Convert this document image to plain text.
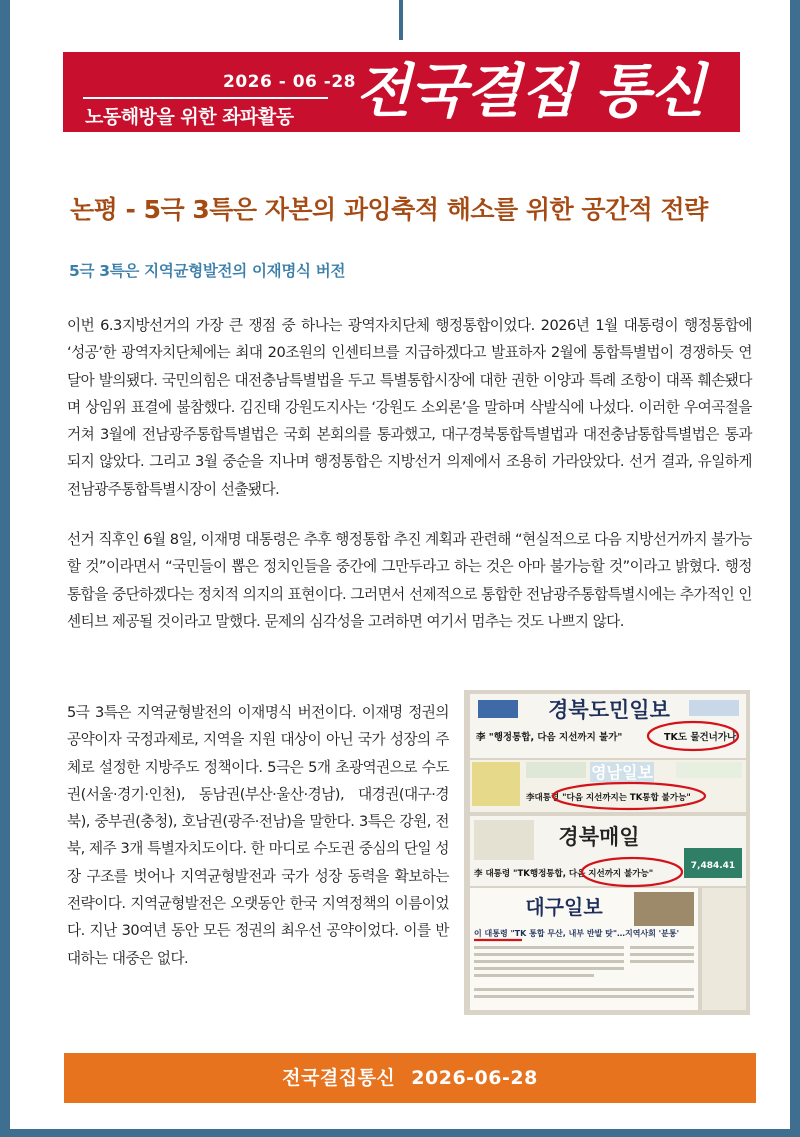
2026 - 06 -28
노동해방을 위한 좌파활동 전국결집 통신
논평 - 5극 3특은 자본의 과잉축적 해소를 위한 공간적 전략
5극 3특은 지역균형발전의 이재명식 버전

이번 6.3지방선거의 가장 큰 쟁점 중 하나는 광역자치단체 행정통합이었다. 2026년 1월 대통령이 행정통합에 ‘성공’한 광역자치단체에는 최대 20조원의 인센티브를 지급하겠다고 발표하자 2월에 통합특별법이 경쟁하듯 연달아 발의됐다. 국민의힘은 대전충남특별법을 두고 특별통합시장에 대한 권한 이양과 특례 조항이 대폭 훼손됐다며 상임위 표결에 불참했다. 김진태 강원도지사는 ‘강원도 소외론’을 말하며 삭발식에 나섰다. 이러한 우여곡절을 거쳐 3월에 전남광주통합특별법은 국회 본회의를 통과했고, 대구경북통합특별법과 대전충남통합특별법은 통과되지 않았다. 그리고 3월 중순을 지나며 행정통합은 지방선거 의제에서 조용히 가라앉았다. 선거 결과, 유일하게 전남광주통합특별시장이 선출됐다.

선거 직후인 6월 8일, 이재명 대통령은 추후 행정통합 추진 계획과 관련해 “현실적으로 다음 지방선거까지 불가능할 것”이라면서 “국민들이 뽑은 정치인들을 중간에 그만두라고 하는 것은 아마 불가능할 것”이라고 밝혔다. 행정통합을 중단하겠다는 정치적 의지의 표현이다. 그러면서 선제적으로 통합한 전남광주통합특별시에는 추가적인 인센티브 제공될 것이라고 말했다. 문제의 심각성을 고려하면 여기서 멈추는 것도 나쁘지 않다.

5극 3특은 지역균형발전의 이재명식 버전이다. 이재명 정권의 공약이자 국정과제로, 지역을 지원 대상이 아닌 국가 성장의 주체로 설정한 지방주도 정책이다. 5극은 5개 초광역권으로 수도권(서울·경기·인천), 동남권(부산·울산·경남), 대경권(대구·경북), 중부권(충청), 호남권(광주·전남)을 말한다. 3특은 강원, 전북, 제주 3개 특별자치도이다. 한 마디로 수도권 중심의 단일 성장 구조를 벗어나 지역균형발전과 국가 성장 동력을 확보하는 전략이다. 지역균형발전은 오랫동안 한국 지역정책의 이름이었다. 지난 30여년 동안 모든 정권의 최우선 공약이었다. 이를 반대하는 대중은 없다.

경북도민일보
李 "행정통합, 다음 지선까지 불가"	TK도 물건너가나
영남일보
李대통령 "다음 지선까지는 TK통합 불가능"
경북매일
7,484.41
李 대통령 "TK행정통합, 다음 지선까지 불가능"
대구일보
이 대통령 "TK 통합 무산, 내부 반발 탓"…지역사회 '분통'
전국결집통신 2026-06-28
